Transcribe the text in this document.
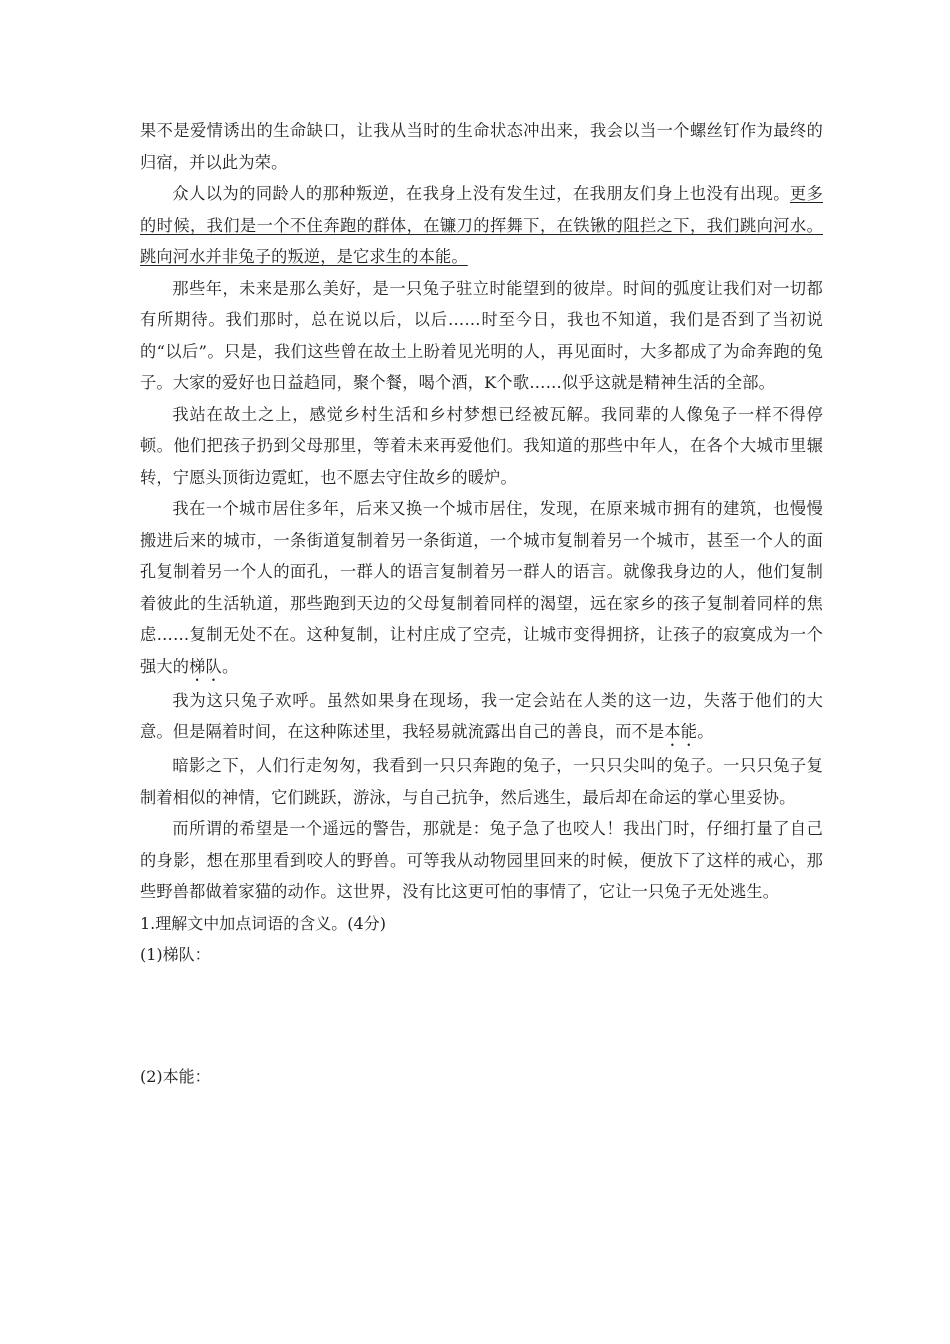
果不是爱情诱出的生命缺口，让我从当时的生命状态冲出来，我会以当一个螺丝钉作为最终的归宿，并以此为荣。

众人以为的同龄人的那种叛逆，在我身上没有发生过，在我朋友们身上也没有出现。更多的时候，我们是一个不住奔跑的群体，在镰刀的挥舞下，在铁锹的阻拦之下，我们跳向河水。跳向河水并非兔子的叛逆，是它求生的本能。

那些年，未来是那么美好，是一只兔子驻立时能望到的彼岸。时间的弧度让我们对一切都有所期待。我们那时，总在说以后，以后……时至今日，我也不知道，我们是否到了当初说的“以后”。只是，我们这些曾在故土上盼着见光明的人，再见面时，大多都成了为命奔跑的兔子。大家的爱好也日益趋同，聚个餐，喝个酒，K个歌……似乎这就是精神生活的全部。

我站在故土之上，感觉乡村生活和乡村梦想已经被瓦解。我同辈的人像兔子一样不得停顿。他们把孩子扔到父母那里，等着未来再爱他们。我知道的那些中年人，在各个大城市里辗转，宁愿头顶街边霓虹，也不愿去守住故乡的暖炉。

我在一个城市居住多年，后来又换一个城市居住，发现，在原来城市拥有的建筑，也慢慢搬进后来的城市，一条街道复制着另一条街道，一个城市复制着另一个城市，甚至一个人的面孔复制着另一个人的面孔，一群人的语言复制着另一群人的语言。就像我身边的人，他们复制着彼此的生活轨道，那些跑到天边的父母复制着同样的渴望，远在家乡的孩子复制着同样的焦虑……复制无处不在。这种复制，让村庄成了空壳，让城市变得拥挤，让孩子的寂寞成为一个强大的梯队。

我为这只兔子欢呼。虽然如果身在现场，我一定会站在人类的这一边，失落于他们的大意。但是隔着时间，在这种陈述里，我轻易就流露出自己的善良，而不是本能。

暗影之下，人们行走匆匆，我看到一只只奔跑的兔子，一只只尖叫的兔子。一只只兔子复制着相似的神情，它们跳跃，游泳，与自己抗争，然后逃生，最后却在命运的掌心里妥协。

而所谓的希望是一个遥远的警告，那就是：兔子急了也咬人！我出门时，仔细打量了自己的身影，想在那里看到咬人的野兽。可等我从动物园里回来的时候，便放下了这样的戒心，那些野兽都做着家猫的动作。这世界，没有比这更可怕的事情了，它让一只兔子无处逃生。

1.理解文中加点词语的含义。(4分)

(1)梯队：

(2)本能：
